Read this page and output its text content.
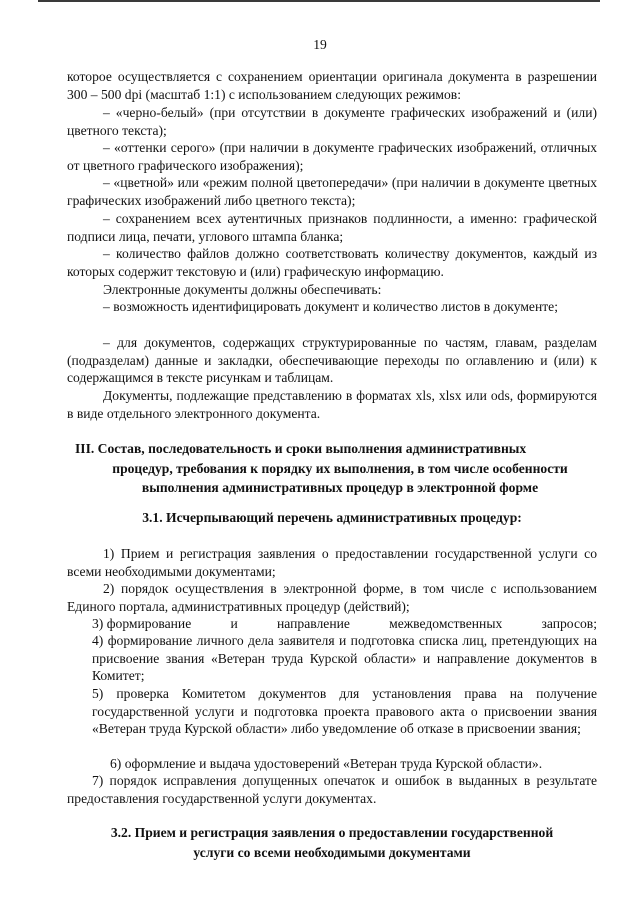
19
которое осуществляется с сохранением ориентации оригинала документа в разрешении 300 – 500 dpi (масштаб 1:1) с использованием следующих режимов:
– «черно-белый» (при отсутствии в документе графических изображений и (или) цветного текста);
– «оттенки серого» (при наличии в документе графических изображений, отличных от цветного графического изображения);
– «цветной» или «режим полной цветопередачи» (при наличии в документе цветных графических изображений либо цветного текста);
– сохранением всех аутентичных признаков подлинности, а именно: графической подписи лица, печати, углового штампа бланка;
– количество файлов должно соответствовать количеству документов, каждый из которых содержит текстовую и (или) графическую информацию.
Электронные документы должны обеспечивать:
– возможность идентифицировать документ и количество листов в документе;
– для документов, содержащих структурированные по частям, главам, разделам (подразделам) данные и закладки, обеспечивающие переходы по оглавлению и (или) к содержащимся в тексте рисункам и таблицам.
Документы, подлежащие представлению в форматах xls, xlsx или ods, формируются в виде отдельного электронного документа.
III. Состав, последовательность и сроки выполнения административных
процедур, требования к порядку их выполнения, в том числе особенности
выполнения административных процедур в электронной форме
3.1. Исчерпывающий перечень административных процедур:
1) Прием и регистрация заявления о предоставлении государственной услуги со всеми необходимыми документами;
2) порядок осуществления в электронной форме, в том числе с использованием Единого портала, административных процедур (действий);
3) формирование	и	направление	межведомственных	запросов;
4) формирование личного дела заявителя и подготовка списка лиц, претендующих на присвоение звания «Ветеран труда Курской области» и направление документов в Комитет;
5) проверка Комитетом документов для установления права на получение государственной услуги и подготовка проекта правового акта о присвоении звания «Ветеран труда Курской области» либо уведомление об отказе в присвоении звания;
6) оформление и выдача удостоверений «Ветеран труда Курской области».
7) порядок исправления допущенных опечаток и ошибок в выданных в результате предоставления государственной услуги документах.
3.2. Прием и регистрация заявления о предоставлении государственной
услуги со всеми необходимыми документами
